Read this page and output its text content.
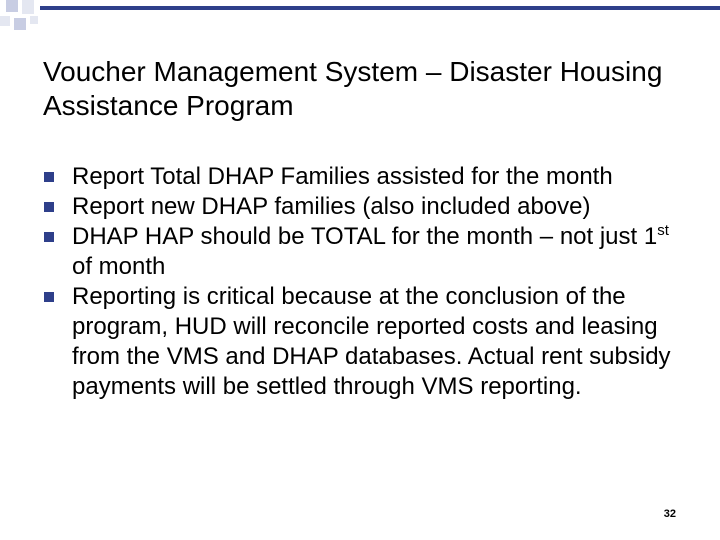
Voucher Management System – Disaster Housing Assistance Program
Report Total DHAP Families assisted for the month
Report new DHAP families (also included above)
DHAP HAP should be TOTAL for the month – not just 1st of month
Reporting is critical because at the conclusion of the program, HUD will reconcile reported costs and leasing from the VMS and DHAP databases. Actual rent subsidy payments will be settled through VMS reporting.
32
